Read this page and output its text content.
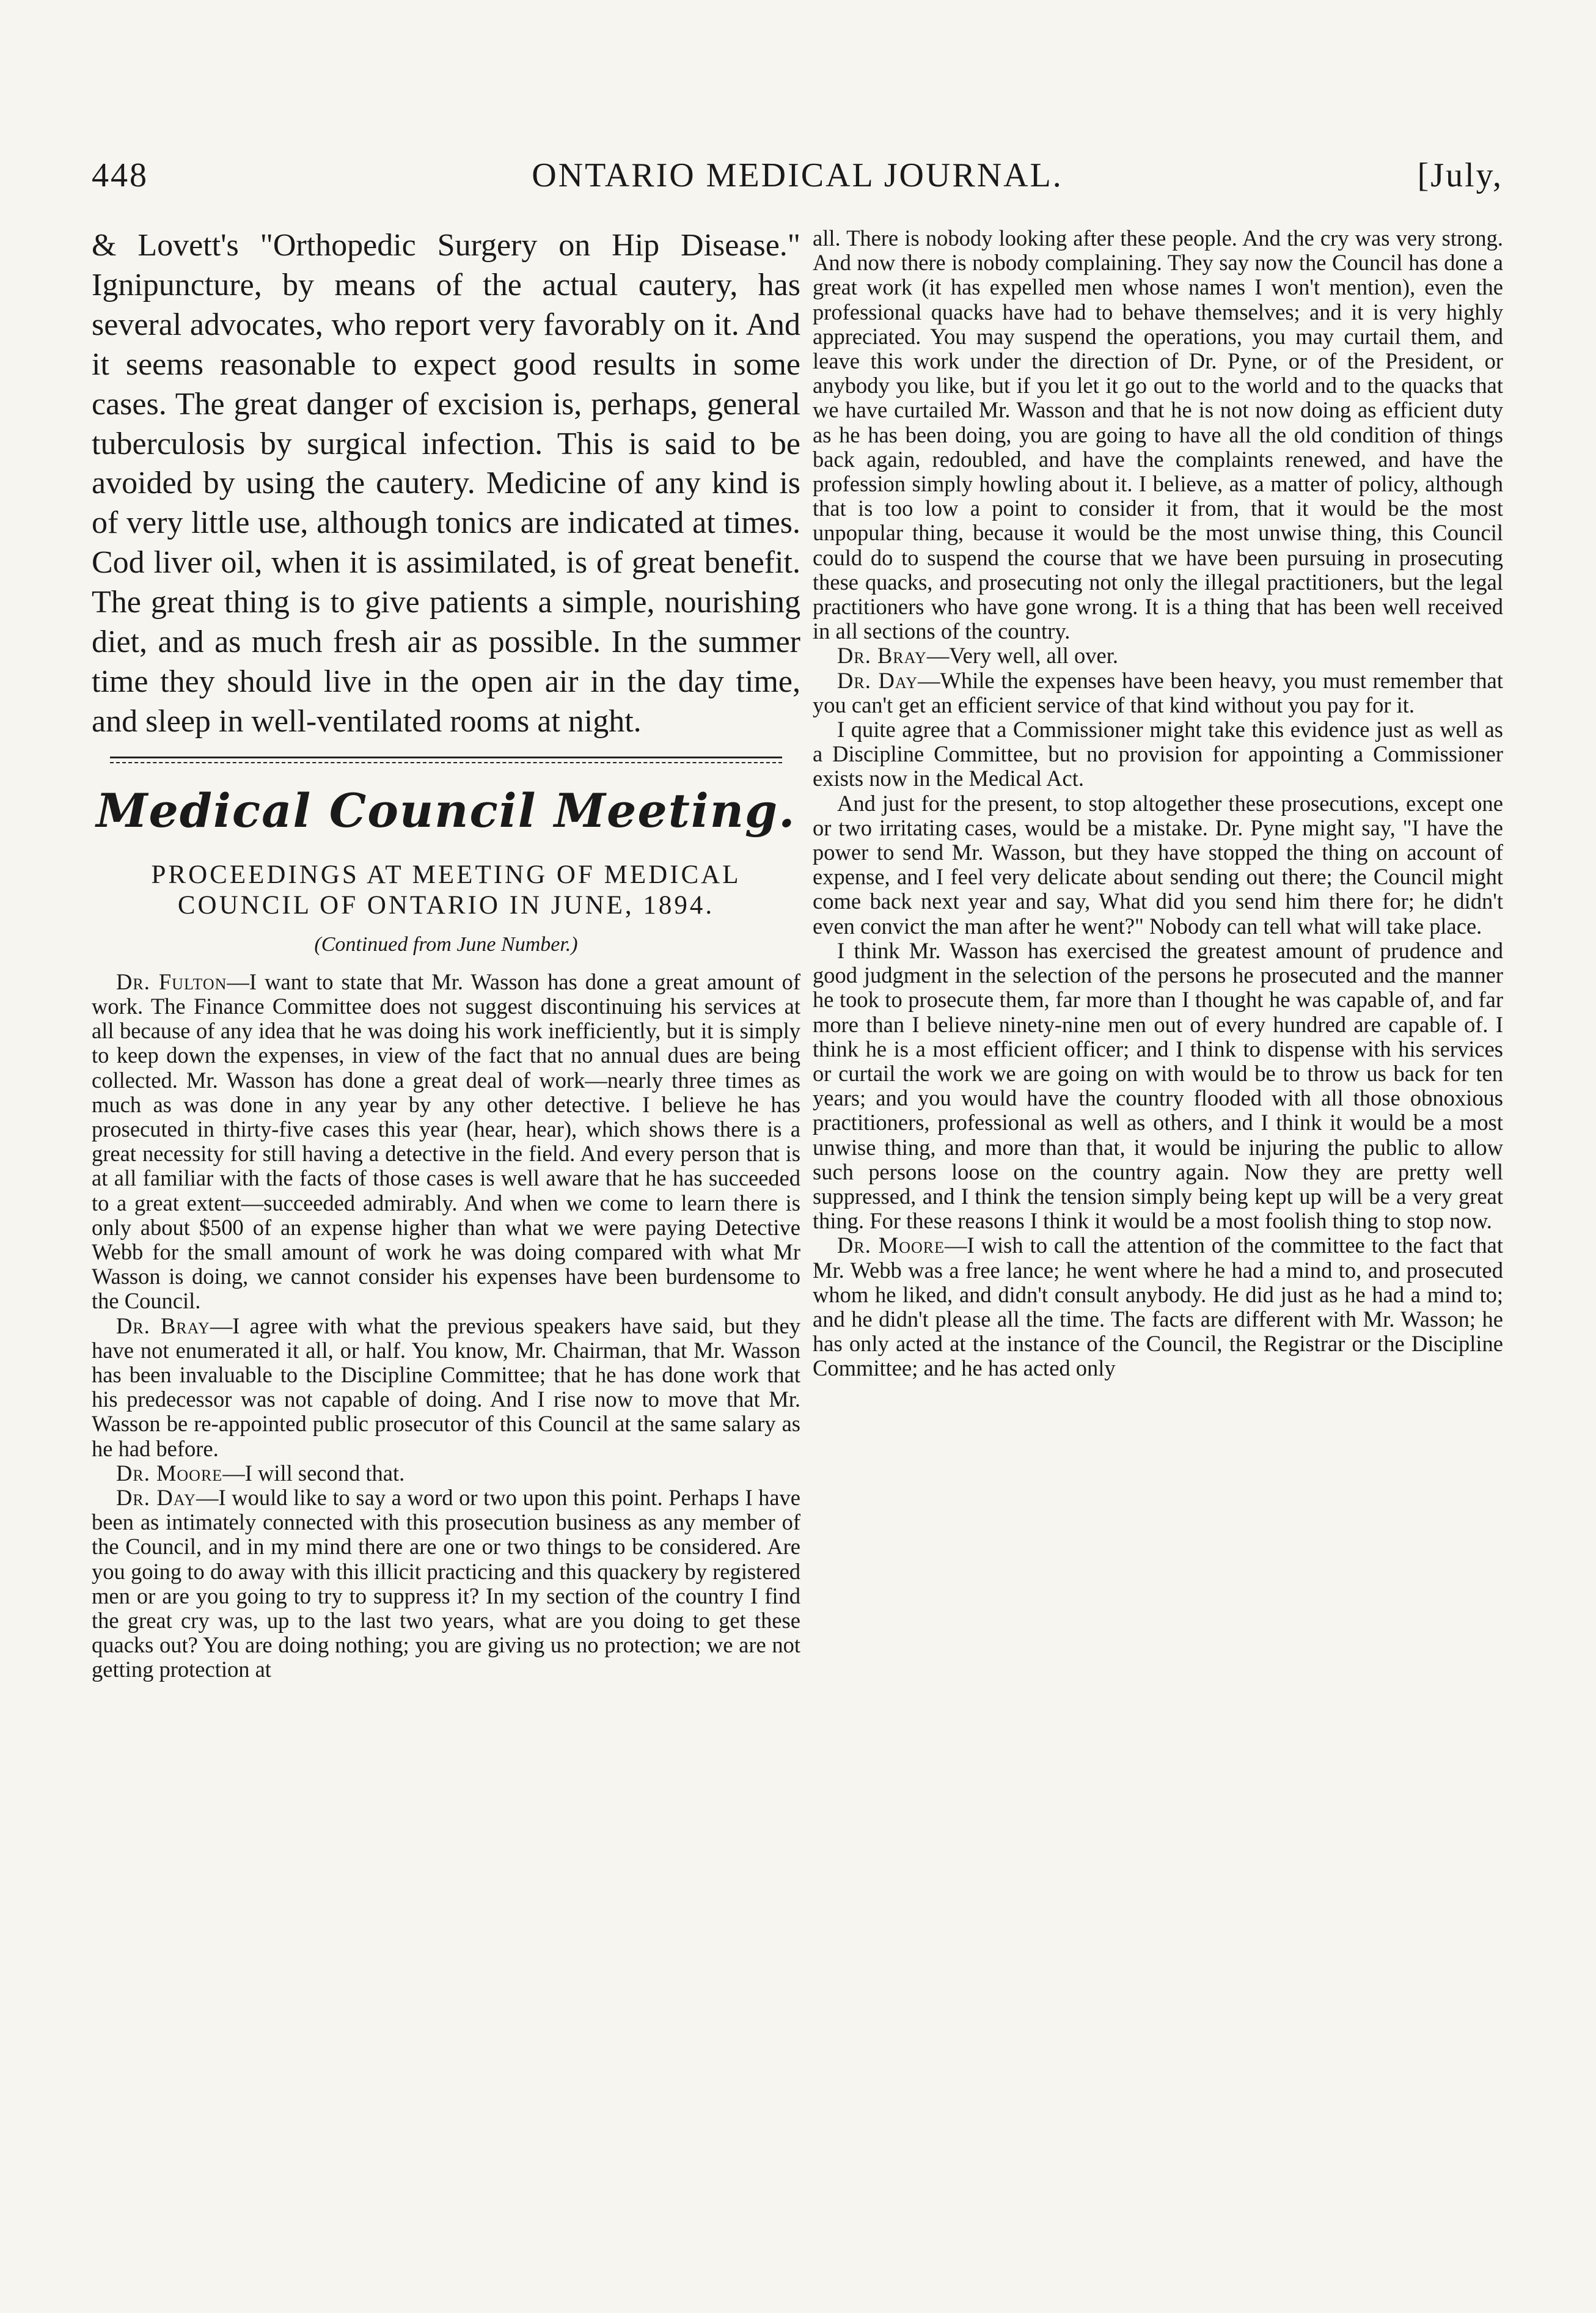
448	ONTARIO MEDICAL JOURNAL.	[July,

& Lovett's "Orthopedic Surgery on Hip Disease." Ignipuncture, by means of the actual cautery, has several advocates, who report very favorably on it. And it seems reasonable to expect good results in some cases. The great danger of excision is, perhaps, general tuberculosis by surgical infection. This is said to be avoided by using the cautery. Medicine of any kind is of very little use, although tonics are indicated at times. Cod liver oil, when it is assimilated, is of great benefit. The great thing is to give patients a simple, nourishing diet, and as much fresh air as possible. In the summer time they should live in the open air in the day time, and sleep in well-ventilated rooms at night.

Medical Council Meeting.
PROCEEDINGS AT MEETING OF MEDICAL
COUNCIL OF ONTARIO IN JUNE, 1894.
(Continued from June Number.)

Dr. Fulton—I want to state that Mr. Wasson has done a great amount of work. The Finance Committee does not suggest discontinuing his services at all because of any idea that he was doing his work inefficiently, but it is simply to keep down the expenses, in view of the fact that no annual dues are being collected. Mr. Wasson has done a great deal of work—nearly three times as much as was done in any year by any other detective. I believe he has prosecuted in thirty-five cases this year (hear, hear), which shows there is a great necessity for still having a detective in the field. And every person that is at all familiar with the facts of those cases is well aware that he has succeeded to a great extent—succeeded admirably. And when we come to learn there is only about $500 of an expense higher than what we were paying Detective Webb for the small amount of work he was doing compared with what Mr Wasson is doing, we cannot consider his expenses have been burdensome to the Council.

Dr. Bray—I agree with what the previous speakers have said, but they have not enumerated it all, or half. You know, Mr. Chairman, that Mr. Wasson has been invaluable to the Discipline Committee; that he has done work that his predecessor was not capable of doing. And I rise now to move that Mr. Wasson be re-appointed public prosecutor of this Council at the same salary as he had before.

Dr. Moore—I will second that.

Dr. Day—I would like to say a word or two upon this point. Perhaps I have been as intimately connected with this prosecution business as any member of the Council, and in my mind there are one or two things to be considered. Are you going to do away with this illicit practicing and this quackery by registered men or are you going to try to suppress it? In my section of the country I find the great cry was, up to the last two years, what are you doing to get these quacks out? You are doing nothing; you are giving us no protection; we are not getting protection at

all. There is nobody looking after these people. And the cry was very strong. And now there is nobody complaining. They say now the Council has done a great work (it has expelled men whose names I won't mention), even the professional quacks have had to behave themselves; and it is very highly appreciated. You may suspend the operations, you may curtail them, and leave this work under the direction of Dr. Pyne, or of the President, or anybody you like, but if you let it go out to the world and to the quacks that we have curtailed Mr. Wasson and that he is not now doing as efficient duty as he has been doing, you are going to have all the old condition of things back again, redoubled, and have the complaints renewed, and have the profession simply howling about it. I believe, as a matter of policy, although that is too low a point to consider it from, that it would be the most unpopular thing, because it would be the most unwise thing, this Council could do to suspend the course that we have been pursuing in prosecuting these quacks, and prosecuting not only the illegal practitioners, but the legal practitioners who have gone wrong. It is a thing that has been well received in all sections of the country.

Dr. Bray—Very well, all over.

Dr. Day—While the expenses have been heavy, you must remember that you can't get an efficient service of that kind without you pay for it.

I quite agree that a Commissioner might take this evidence just as well as a Discipline Committee, but no provision for appointing a Commissioner exists now in the Medical Act.

And just for the present, to stop altogether these prosecutions, except one or two irritating cases, would be a mistake. Dr. Pyne might say, "I have the power to send Mr. Wasson, but they have stopped the thing on account of expense, and I feel very delicate about sending out there; the Council might come back next year and say, What did you send him there for; he didn't even convict the man after he went?" Nobody can tell what will take place.

I think Mr. Wasson has exercised the greatest amount of prudence and good judgment in the selection of the persons he prosecuted and the manner he took to prosecute them, far more than I thought he was capable of, and far more than I believe ninety-nine men out of every hundred are capable of. I think he is a most efficient officer; and I think to dispense with his services or curtail the work we are going on with would be to throw us back for ten years; and you would have the country flooded with all those obnoxious practitioners, professional as well as others, and I think it would be a most unwise thing, and more than that, it would be injuring the public to allow such persons loose on the country again. Now they are pretty well suppressed, and I think the tension simply being kept up will be a very great thing. For these reasons I think it would be a most foolish thing to stop now.

Dr. Moore—I wish to call the attention of the committee to the fact that Mr. Webb was a free lance; he went where he had a mind to, and prosecuted whom he liked, and didn't consult anybody. He did just as he had a mind to; and he didn't please all the time. The facts are different with Mr. Wasson; he has only acted at the instance of the Council, the Registrar or the Discipline Committee; and he has acted only
